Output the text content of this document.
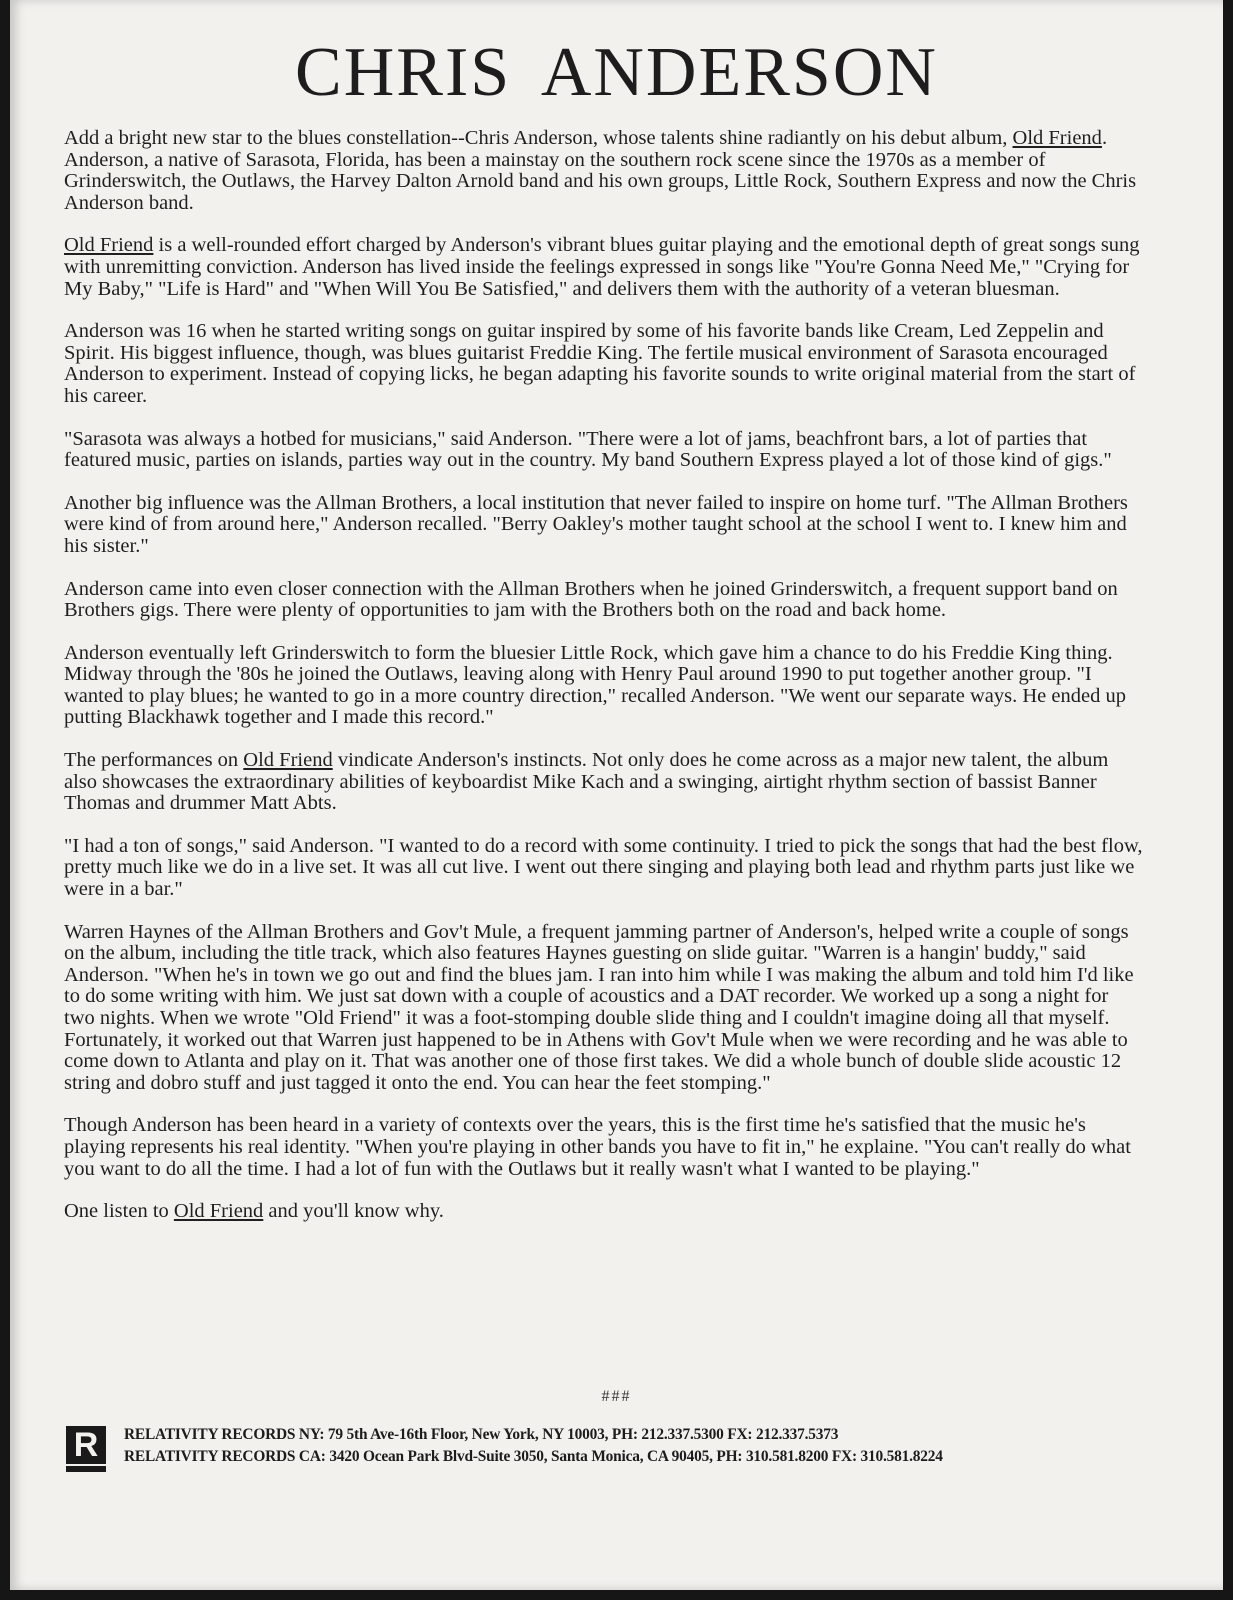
CHRIS ANDERSON

Add a bright new star to the blues constellation--Chris Anderson, whose talents shine radiantly on his debut album, Old Friend. Anderson, a native of Sarasota, Florida, has been a mainstay on the southern rock scene since the 1970s as a member of Grinderswitch, the Outlaws, the Harvey Dalton Arnold band and his own groups, Little Rock, Southern Express and now the Chris Anderson band.

Old Friend is a well-rounded effort charged by Anderson's vibrant blues guitar playing and the emotional depth of great songs sung with unremitting conviction. Anderson has lived inside the feelings expressed in songs like "You're Gonna Need Me," "Crying for My Baby," "Life is Hard" and "When Will You Be Satisfied," and delivers them with the authority of a veteran bluesman.

Anderson was 16 when he started writing songs on guitar inspired by some of his favorite bands like Cream, Led Zeppelin and Spirit. His biggest influence, though, was blues guitarist Freddie King. The fertile musical environment of Sarasota encouraged Anderson to experiment. Instead of copying licks, he began adapting his favorite sounds to write original material from the start of his career.

"Sarasota was always a hotbed for musicians," said Anderson. "There were a lot of jams, beachfront bars, a lot of parties that featured music, parties on islands, parties way out in the country. My band Southern Express played a lot of those kind of gigs."

Another big influence was the Allman Brothers, a local institution that never failed to inspire on home turf. "The Allman Brothers were kind of from around here," Anderson recalled. "Berry Oakley's mother taught school at the school I went to. I knew him and his sister."

Anderson came into even closer connection with the Allman Brothers when he joined Grinderswitch, a frequent support band on Brothers gigs. There were plenty of opportunities to jam with the Brothers both on the road and back home.

Anderson eventually left Grinderswitch to form the bluesier Little Rock, which gave him a chance to do his Freddie King thing. Midway through the '80s he joined the Outlaws, leaving along with Henry Paul around 1990 to put together another group. "I wanted to play blues; he wanted to go in a more country direction," recalled Anderson. "We went our separate ways. He ended up putting Blackhawk together and I made this record."

The performances on Old Friend vindicate Anderson's instincts. Not only does he come across as a major new talent, the album also showcases the extraordinary abilities of keyboardist Mike Kach and a swinging, airtight rhythm section of bassist Banner Thomas and drummer Matt Abts.

"I had a ton of songs," said Anderson. "I wanted to do a record with some continuity. I tried to pick the songs that had the best flow, pretty much like we do in a live set. It was all cut live. I went out there singing and playing both lead and rhythm parts just like we were in a bar."

Warren Haynes of the Allman Brothers and Gov't Mule, a frequent jamming partner of Anderson's, helped write a couple of songs on the album, including the title track, which also features Haynes guesting on slide guitar. "Warren is a hangin' buddy," said Anderson. "When he's in town we go out and find the blues jam. I ran into him while I was making the album and told him I'd like to do some writing with him. We just sat down with a couple of acoustics and a DAT recorder. We worked up a song a night for two nights. When we wrote "Old Friend" it was a foot-stomping double slide thing and I couldn't imagine doing all that myself. Fortunately, it worked out that Warren just happened to be in Athens with Gov't Mule when we were recording and he was able to come down to Atlanta and play on it. That was another one of those first takes. We did a whole bunch of double slide acoustic 12 string and dobro stuff and just tagged it onto the end. You can hear the feet stomping."

Though Anderson has been heard in a variety of contexts over the years, this is the first time he's satisfied that the music he's playing represents his real identity. "When you're playing in other bands you have to fit in," he explaine. "You can't really do what you want to do all the time. I had a lot of fun with the Outlaws but it really wasn't what I wanted to be playing."

One listen to Old Friend and you'll know why.

###
R	RELATIVITY RECORDS NY: 79 5th Ave-16th Floor, New York, NY 10003, PH: 212.337.5300 FX: 212.337.5373
RELATIVITY RECORDS CA: 3420 Ocean Park Blvd-Suite 3050, Santa Monica, CA 90405, PH: 310.581.8200 FX: 310.581.8224
